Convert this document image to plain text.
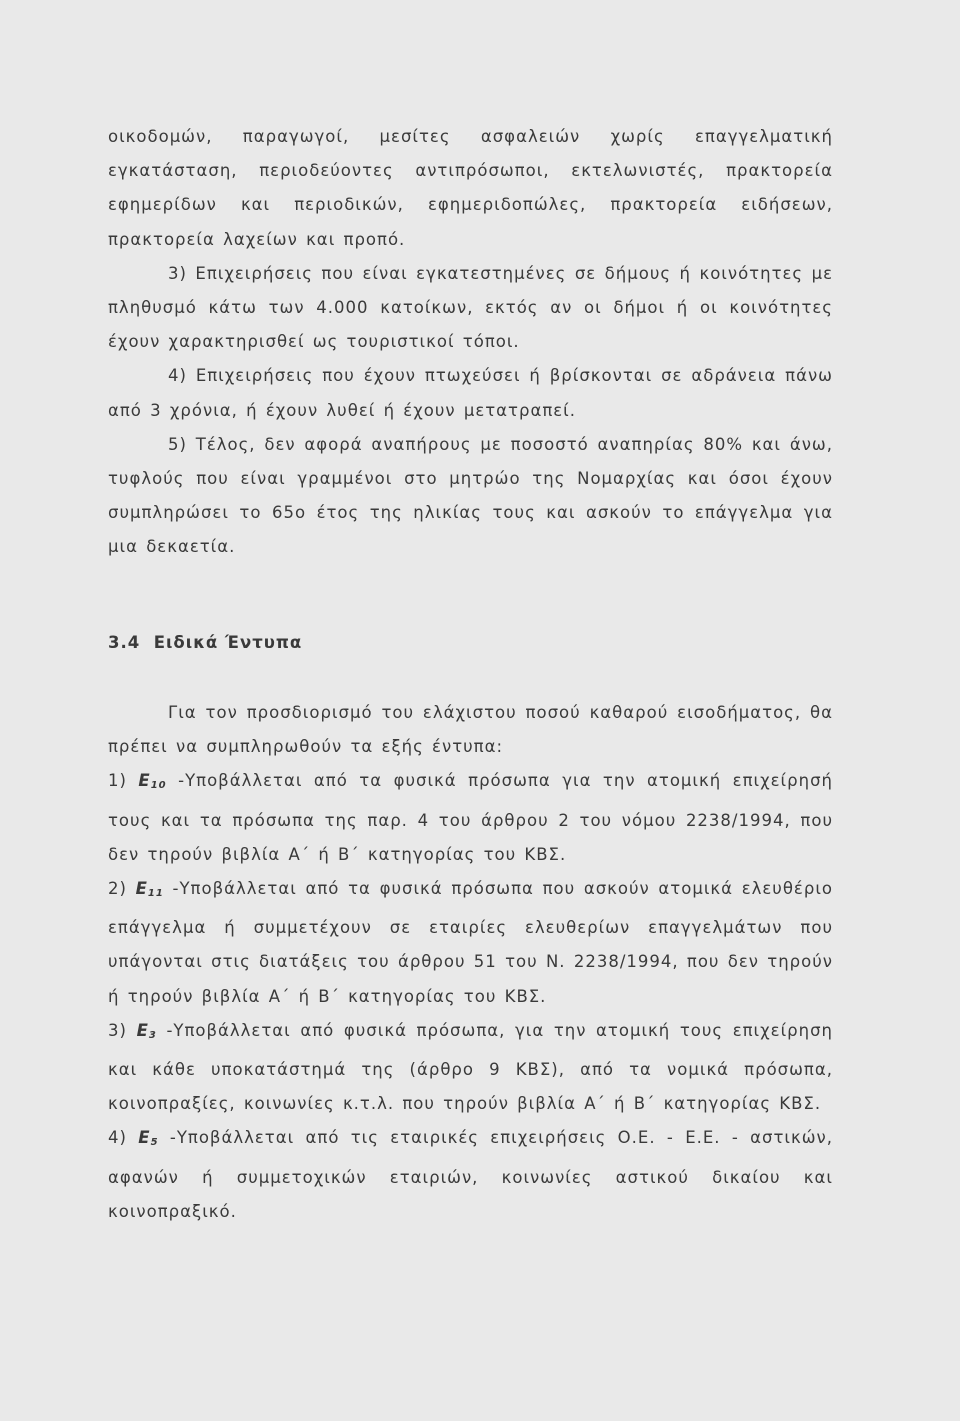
οικοδομών, παραγωγοί, μεσίτες ασφαλειών χωρίς επαγγελματική εγκατάσταση, περιοδεύοντες αντιπρόσωποι, εκτελωνιστές, πρακτορεία εφημερίδων και περιοδικών, εφημεριδοπώλες, πρακτορεία ειδήσεων, πρακτορεία λαχείων και προπό.

3) Επιχειρήσεις που είναι εγκατεστημένες σε δήμους ή κοινότητες με πληθυσμό κάτω των 4.000 κατοίκων, εκτός αν οι δήμοι ή οι κοινότητες έχουν χαρακτηρισθεί ως τουριστικοί τόποι.

4) Επιχειρήσεις που έχουν πτωχεύσει ή βρίσκονται σε αδράνεια πάνω από 3 χρόνια, ή έχουν λυθεί ή έχουν μετατραπεί.

5) Τέλος, δεν αφορά αναπήρους με ποσοστό αναπηρίας 80% και άνω, τυφλούς που είναι γραμμένοι στο μητρώο της Νομαρχίας και όσοι έχουν συμπληρώσει το 65ο έτος της ηλικίας τους και ασκούν το επάγγελμα για μια δεκαετία.

3.4 Ειδικά Έντυπα

Για τον προσδιορισμό του ελάχιστου ποσού καθαρού εισοδήματος, θα πρέπει να συμπληρωθούν τα εξής έντυπα:

1) $E_{10}$ -Υποβάλλεται από τα φυσικά πρόσωπα για την ατομική επιχείρησή τους και τα πρόσωπα της παρ. 4 του άρθρου 2 του νόμου 2238/1994, που δεν τηρούν βιβλία Α΄ ή Β΄ κατηγορίας του ΚΒΣ.

2) $E_{11}$ -Υποβάλλεται από τα φυσικά πρόσωπα που ασκούν ατομικά ελευθέριο επάγγελμα ή συμμετέχουν σε εταιρίες ελευθερίων επαγγελμάτων που υπάγονται στις διατάξεις του άρθρου 51 του Ν. 2238/1994, που δεν τηρούν ή τηρούν βιβλία Α΄ ή Β΄ κατηγορίας του ΚΒΣ.

3) $E_3$ -Υποβάλλεται από φυσικά πρόσωπα, για την ατομική τους επιχείρηση και κάθε υποκατάστημά της (άρθρο 9 ΚΒΣ), από τα νομικά πρόσωπα, κοινοπραξίες, κοινωνίες κ.τ.λ. που τηρούν βιβλία Α΄ ή Β΄ κατηγορίας ΚΒΣ.

4) $E_5$ -Υποβάλλεται από τις εταιρικές επιχειρήσεις Ο.Ε. - Ε.Ε. - αστικών, αφανών ή συμμετοχικών εταιριών, κοινωνίες αστικού δικαίου και κοινοπραξικό.
